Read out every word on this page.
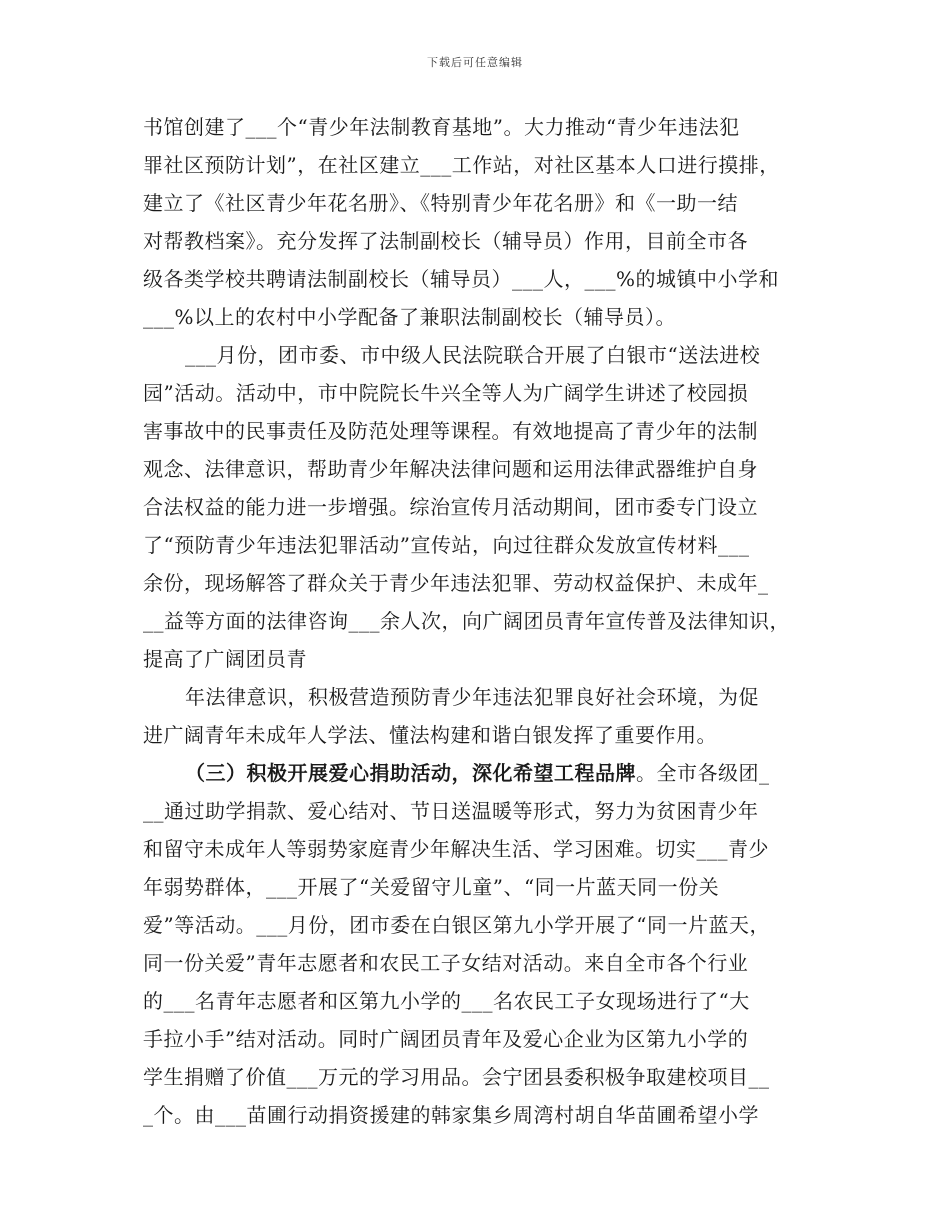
下载后可任意编辑
书馆创建了___个“青少年法制教育基地”。大力推动“青少年违法犯
罪社区预防计划”，在社区建立___工作站，对社区基本人口进行摸排，
建立了《社区青少年花名册》、《特别青少年花名册》和《一助一结
对帮教档案》。充分发挥了法制副校长（辅导员）作用，目前全市各
级各类学校共聘请法制副校长（辅导员）___人，___%的城镇中小学和
___%以上的农村中小学配备了兼职法制副校长（辅导员）。
___月份，团市委、市中级人民法院联合开展了白银市“送法进校
园”活动。活动中，市中院院长牛兴全等人为广阔学生讲述了校园损
害事故中的民事责任及防范处理等课程。有效地提高了青少年的法制
观念、法律意识，帮助青少年解决法律问题和运用法律武器维护自身
合法权益的能力进一步增强。综治宣传月活动期间，团市委专门设立
了“预防青少年违法犯罪活动”宣传站，向过往群众发放宣传材料___
余份，现场解答了群众关于青少年违法犯罪、劳动权益保护、未成年_
__益等方面的法律咨询___余人次，向广阔团员青年宣传普及法律知识，
提高了广阔团员青
年法律意识，积极营造预防青少年违法犯罪良好社会环境，为促
进广阔青年未成年人学法、懂法构建和谐白银发挥了重要作用。
（三）积极开展爱心捐助活动，深化希望工程品牌。全市各级团_
__通过助学捐款、爱心结对、节日送温暖等形式，努力为贫困青少年
和留守未成年人等弱势家庭青少年解决生活、学习困难。切实___青少
年弱势群体，___开展了“关爱留守儿童”、“同一片蓝天同一份关
爱”等活动。___月份，团市委在白银区第九小学开展了“同一片蓝天，
同一份关爱”青年志愿者和农民工子女结对活动。来自全市各个行业
的___名青年志愿者和区第九小学的___名农民工子女现场进行了“大
手拉小手”结对活动。同时广阔团员青年及爱心企业为区第九小学的
学生捐赠了价值___万元的学习用品。会宁团县委积极争取建校项目__
_个。由___苗圃行动捐资援建的韩家集乡周湾村胡自华苗圃希望小学
